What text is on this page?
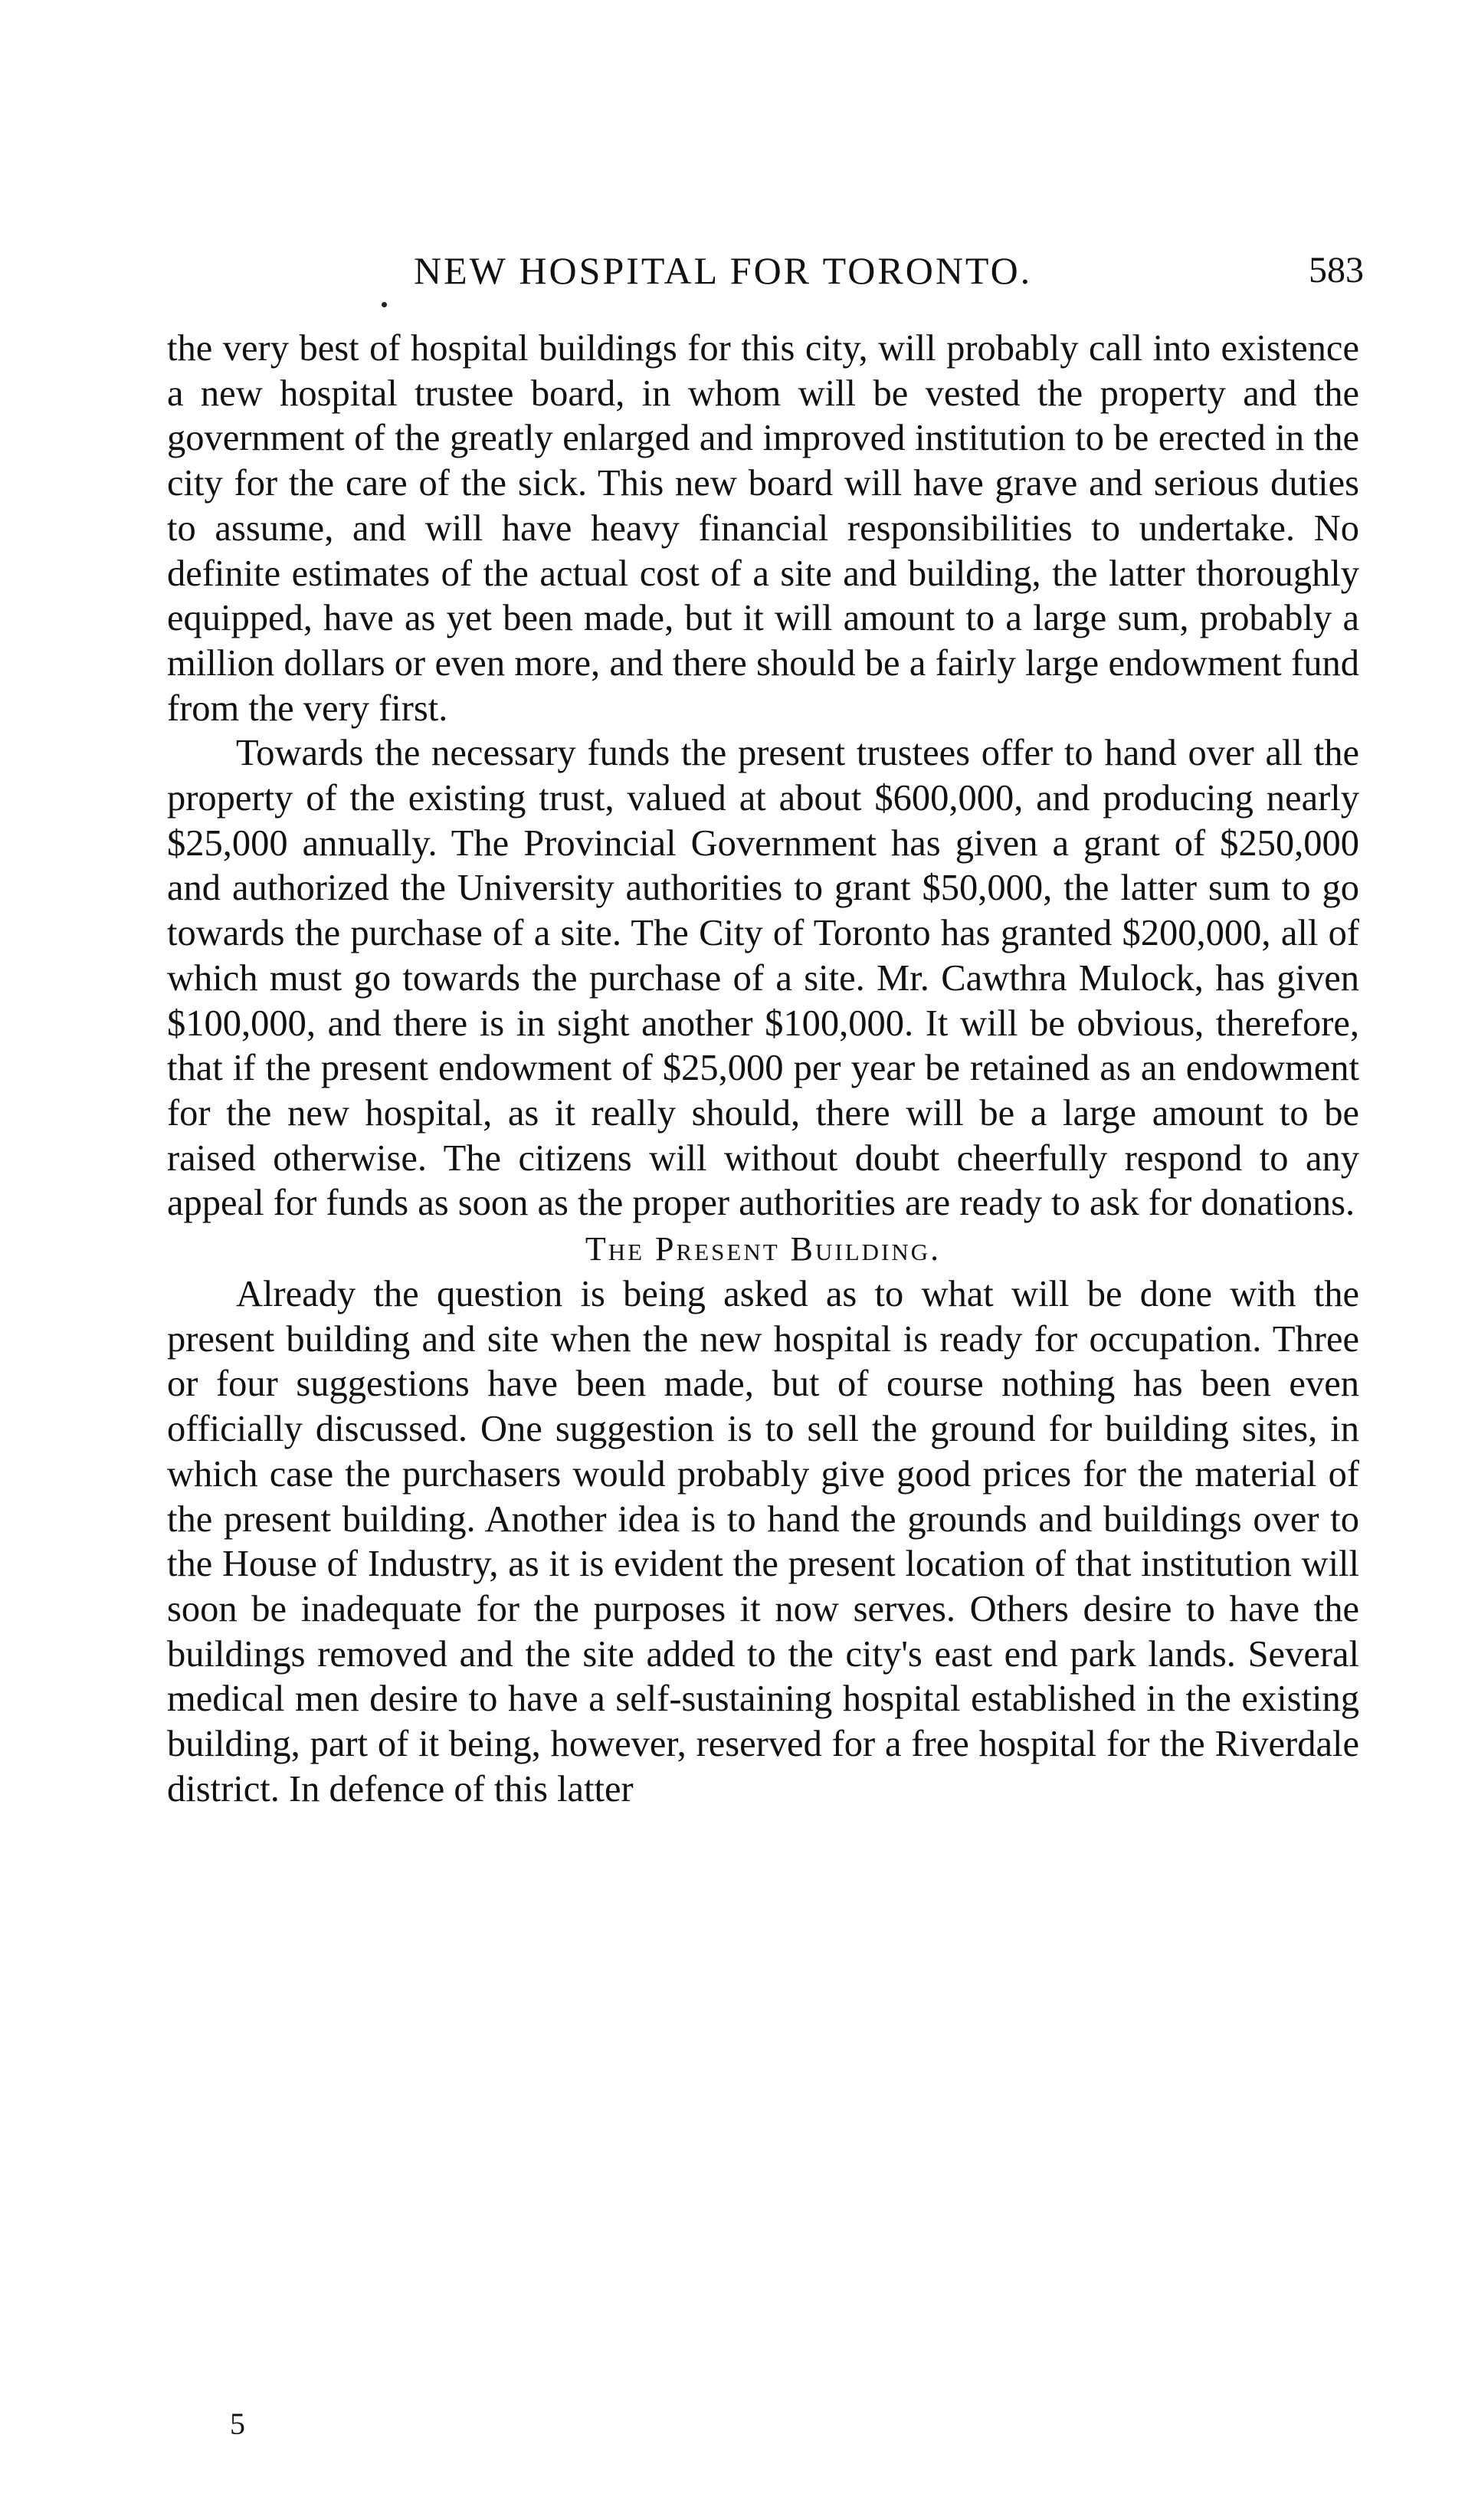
NEW HOSPITAL FOR TORONTO.	583

the very best of hospital buildings for this city, will probably call into existence a new hospital trustee board, in whom will be vested the property and the government of the greatly enlarged and improved institution to be erected in the city for the care of the sick. This new board will have grave and serious duties to assume, and will have heavy financial responsibilities to undertake. No definite estimates of the actual cost of a site and building, the latter thoroughly equipped, have as yet been made, but it will amount to a large sum, probably a million dollars or even more, and there should be a fairly large endowment fund from the very first.

Towards the necessary funds the present trustees offer to hand over all the property of the existing trust, valued at about $600,000, and producing nearly $25,000 annually. The Provincial Government has given a grant of $250,000 and authorized the University authorities to grant $50,000, the latter sum to go towards the purchase of a site. The City of Toronto has granted $200,000, all of which must go towards the purchase of a site. Mr. Cawthra Mulock, has given $100,000, and there is in sight another $100,000. It will be obvious, therefore, that if the present endowment of $25,000 per year be retained as an endowment for the new hospital, as it really should, there will be a large amount to be raised otherwise. The citizens will without doubt cheerfully respond to any appeal for funds as soon as the proper authorities are ready to ask for donations.

The Present Building.

Already the question is being asked as to what will be done with the present building and site when the new hospital is ready for occupation. Three or four suggestions have been made, but of course nothing has been even officially discussed. One suggestion is to sell the ground for building sites, in which case the purchasers would probably give good prices for the material of the present building. Another idea is to hand the grounds and buildings over to the House of Industry, as it is evident the present location of that institution will soon be inadequate for the purposes it now serves. Others desire to have the buildings removed and the site added to the city's east end park lands. Several medical men desire to have a self-sustaining hospital established in the existing building, part of it being, however, reserved for a free hospital for the Riverdale district. In defence of this latter

5
